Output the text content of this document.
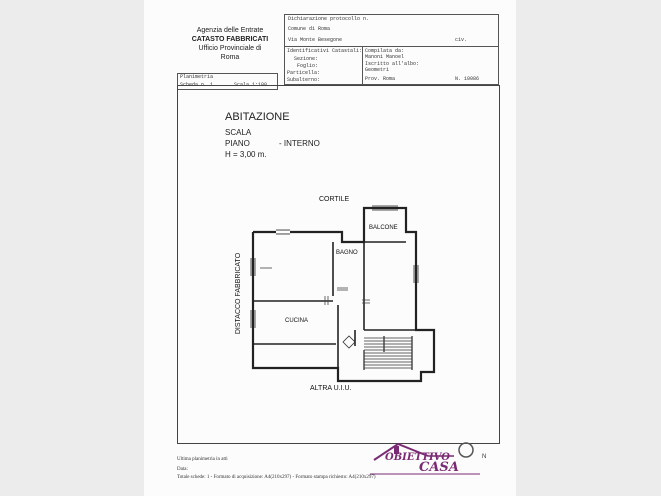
Agenzia delle Entrate
CATASTO FABBRICATI
Ufficio Provinciale di
Roma
Dichiarazione protocollo n.
Comune di Roma
Via Monte Besegone	civ.
Identificativi Catastali:
Sezione:
Foglio:
Particella:
Subalterno:
Compilata da:
Manoni Manoel
Iscritto all'albo:
Geometri
Prov. Roma	N. 10086
Planimetria
Scheda n. 1	Scala 1:100
ABITAZIONE
SCALA
PIANO	- INTERNO
H = 3,00 m.
CORTILE
BALCONE
BAGNO
CUCINA
DISTACCO FABBRICATO
ALTRA U.I.U.
Ultima planimetria in atti
Data:
Totale schede: 1 - Formato di acquisizione: A4(210x297) - Formato stampa richiesto: A4(210x297)
OBIETTIVO
CASA
N
